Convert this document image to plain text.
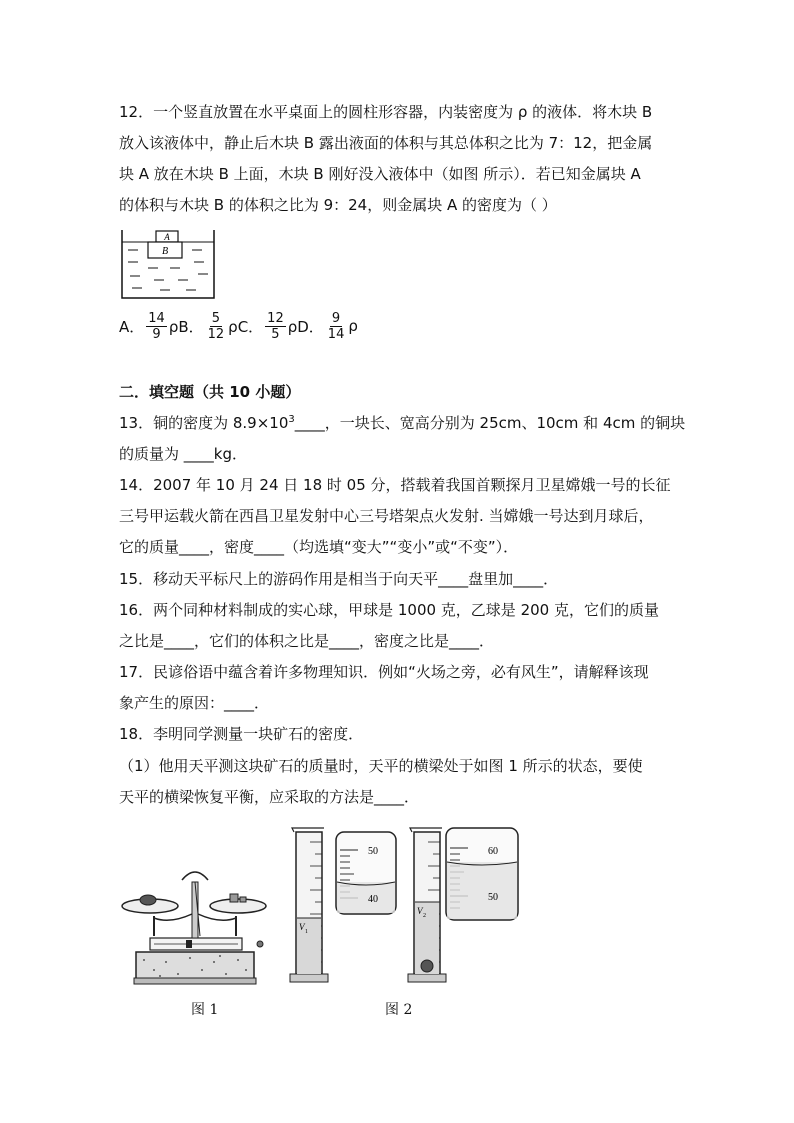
12．一个竖直放置在水平桌面上的圆柱形容器，内装密度为 ρ 的液体．将木块 B
放入该液体中，静止后木块 B 露出液面的体积与其总体积之比为 7：12，把金属
块 A 放在木块 B 上面，木块 B 刚好没入液体中（如图 所示）．若已知金属块 A
的体积与木块 B 的体积之比为 9：24，则金属块 A 的密度为（ ）
A
B
A． $\frac{14}{9}$ ρB． $\frac{5}{12}$ ρC． $\frac{12}{5}$ ρD． $\frac{9}{14}$ ρ
二．填空题（共 10 小题）
13．铜的密度为 $8.9\times 10^3\_\_\_\_$，一块长、宽高分别为 25cm、10cm 和 4cm 的铜块
的质量为 ____kg．
14．2007 年 10 月 24 日 18 时 05 分，搭载着我国首颗探月卫星嫦娥一号的长征
三号甲运载火箭在西昌卫星发射中心三号塔架点火发射. 当嫦娥一号达到月球后，
它的质量____，密度____（均选填“变大”“变小”或“不变”）．
15．移动天平标尺上的游码作用是相当于向天平____盘里加____．
16．两个同种材料制成的实心球，甲球是 1000 克，乙球是 200 克，它们的质量
之比是____，它们的体积之比是____，密度之比是____．
17．民谚俗语中蕴含着许多物理知识．例如“火场之旁，必有风生”，请解释该现
象产生的原因：____．
18．李明同学测量一块矿石的密度．
（1）他用天平测这块矿石的质量时，天平的横梁处于如图 1 所示的状态，要使
天平的横梁恢复平衡，应采取的方法是____．
V 1
50
40
V 2
60
50
图 1	图 2
